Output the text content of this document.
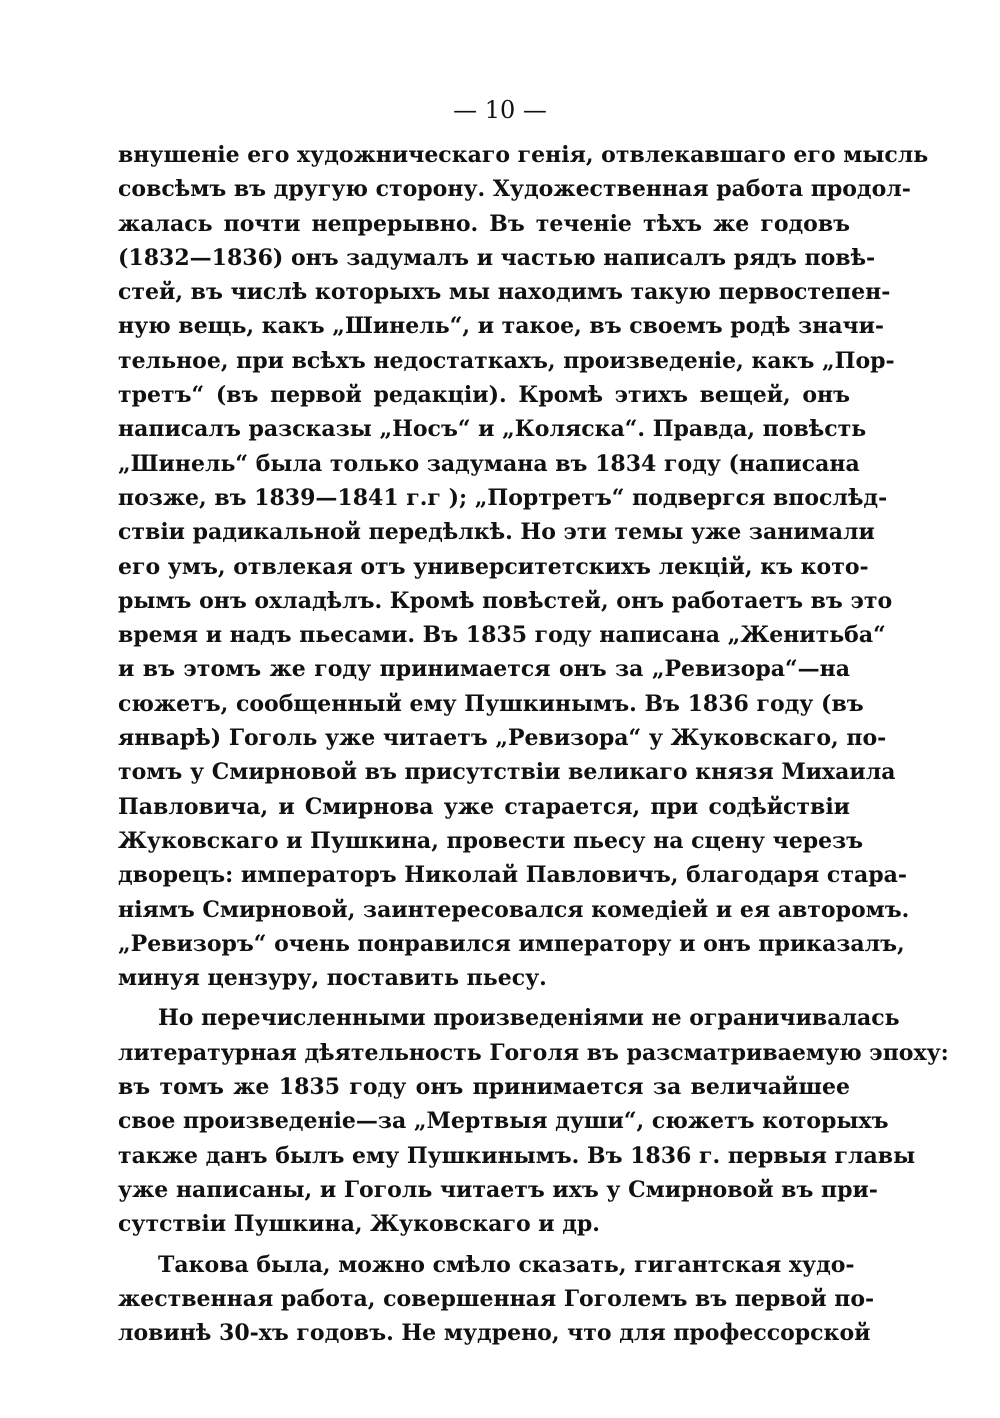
— 10 —
внушенiе его художническаго генiя, отвлекавшаго его мысль
совсѣмъ въ другую сторону. Художественная работа продол-
жалась почти непрерывно. Въ теченiе тѣхъ же годовъ
(1832—1836) онъ задумалъ и частью написалъ рядъ повѣ-
стей, въ числѣ которыхъ мы находимъ такую первостепен-
ную вещь, какъ „Шинель“, и такое, въ своемъ родѣ значи-
тельное, при всѣхъ недостаткахъ, произведенiе, какъ „Пор-
третъ“ (въ первой редакцiи). Кромѣ этихъ вещей, онъ
написалъ разсказы „Носъ“ и „Коляска“. Правда, повѣсть
„Шинель“ была только задумана въ 1834 году (написана
позже, въ 1839—1841 г.г ); „Портретъ“ подвергся впослѣд-
ствiи радикальной передѣлкѣ. Но эти темы уже занимали
его умъ, отвлекая отъ университетскихъ лекцiй, къ кото-
рымъ онъ охладѣлъ. Кромѣ повѣстей, онъ работаетъ въ это
время и надъ пьесами. Въ 1835 году написана „Женитьба“
и въ этомъ же году принимается онъ за „Ревизора“—на
сюжетъ, сообщенный ему Пушкинымъ. Въ 1836 году (въ
январѣ) Гоголь уже читаетъ „Ревизора“ у Жуковскаго, по-
томъ у Смирновой въ присутствiи великаго князя Михаила
Павловича, и Смирнова уже старается, при содѣйствiи
Жуковскаго и Пушкина, провести пьесу на сцену черезъ
дворецъ: императоръ Николай Павловичъ, благодаря стара-
нiямъ Смирновой, заинтересовался комедiей и ея авторомъ.
„Ревизоръ“ очень понравился императору и онъ приказалъ,
минуя цензуру, поставить пьесу.
Но перечисленными произведенiями не ограничивалась
литературная дѣятельность Гоголя въ разсматриваемую эпоху:
въ томъ же 1835 году онъ принимается за величайшее
свое произведенiе—за „Мертвыя души“, сюжетъ которыхъ
также данъ былъ ему Пушкинымъ. Въ 1836 г. первыя главы
уже написаны, и Гоголь читаетъ ихъ у Смирновой въ при-
сутствiи Пушкина, Жуковскаго и др.
Такова была, можно смѣло сказать, гигантская худо-
жественная работа, совершенная Гоголемъ въ первой по-
ловинѣ 30-хъ годовъ. Не мудрено, что для профессорской
